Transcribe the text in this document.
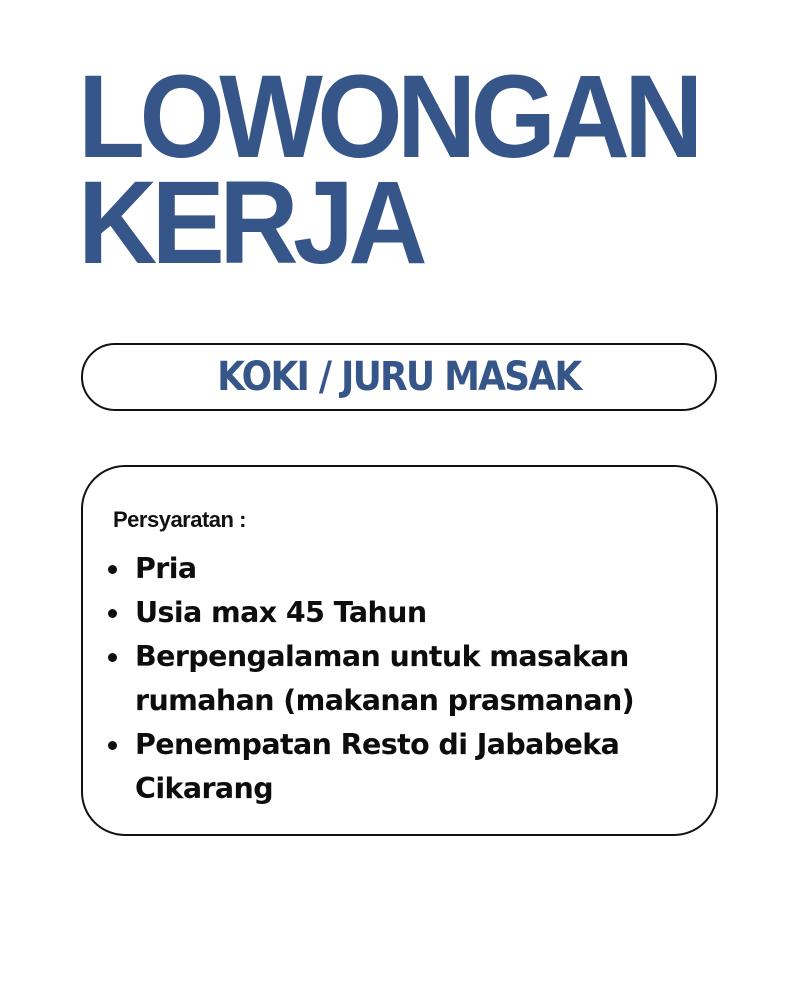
LOWONGAN
KERJA
KOKI / JURU MASAK
Persyaratan :
Pria
Usia max 45 Tahun
Berpengalaman untuk masakan rumahan (makanan prasmanan)
Penempatan Resto di Jababeka Cikarang
